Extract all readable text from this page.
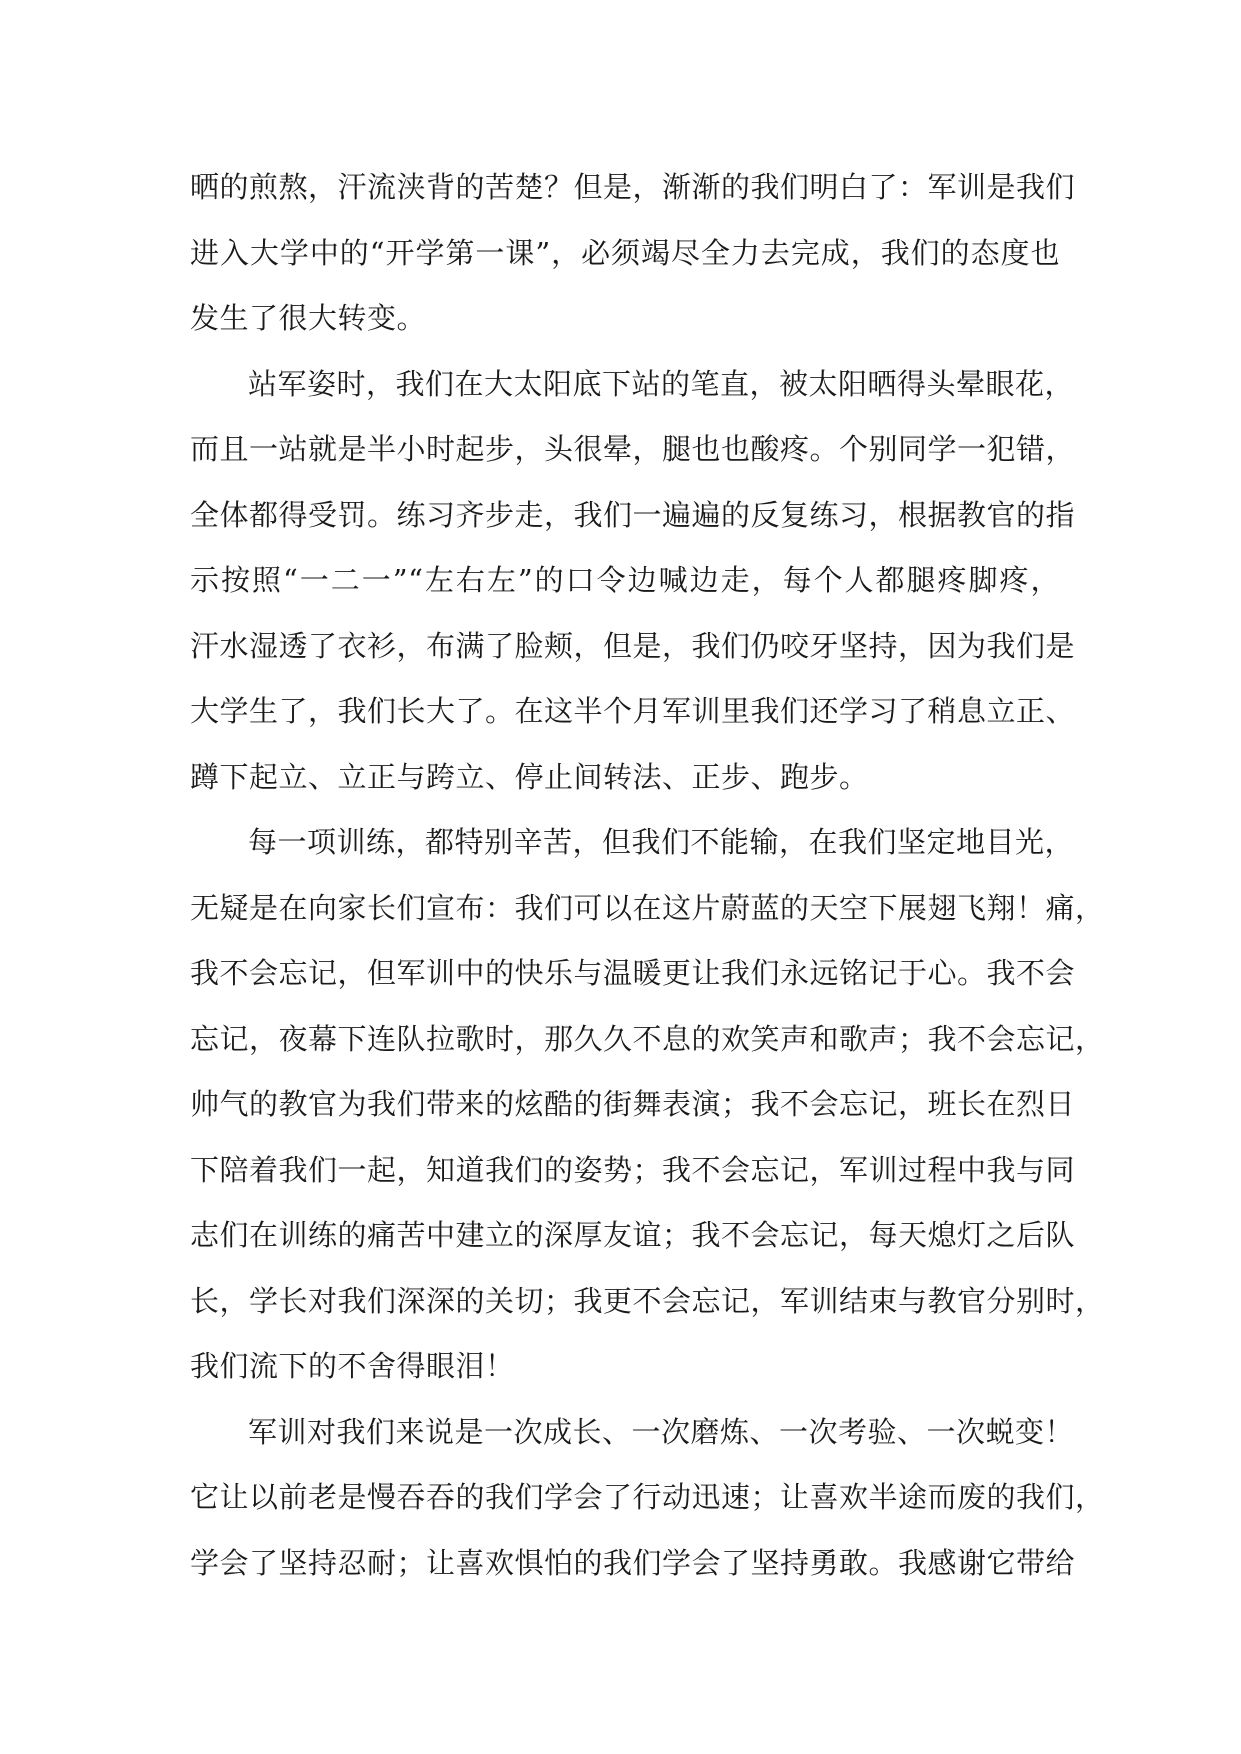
晒的煎熬，汗流浃背的苦楚？但是，渐渐的我们明白了：军训是我们
进入大学中的“开学第一课”，必须竭尽全力去完成，我们的态度也
发生了很大转变。
站军姿时，我们在大太阳底下站的笔直，被太阳晒得头晕眼花，
而且一站就是半小时起步，头很晕，腿也也酸疼。个别同学一犯错，
全体都得受罚。练习齐步走，我们一遍遍的反复练习，根据教官的指
示按照“一二一”“左右左”的口令边喊边走，每个人都腿疼脚疼，
汗水湿透了衣衫，布满了脸颊，但是，我们仍咬牙坚持，因为我们是
大学生了，我们长大了。在这半个月军训里我们还学习了稍息立正、
蹲下起立、立正与跨立、停止间转法、正步、跑步。
每一项训练，都特别辛苦，但我们不能输，在我们坚定地目光，
无疑是在向家长们宣布：我们可以在这片蔚蓝的天空下展翅飞翔！痛，
我不会忘记，但军训中的快乐与温暖更让我们永远铭记于心。我不会
忘记，夜幕下连队拉歌时，那久久不息的欢笑声和歌声；我不会忘记，
帅气的教官为我们带来的炫酷的街舞表演；我不会忘记，班长在烈日
下陪着我们一起，知道我们的姿势；我不会忘记，军训过程中我与同
志们在训练的痛苦中建立的深厚友谊；我不会忘记，每天熄灯之后队
长，学长对我们深深的关切；我更不会忘记，军训结束与教官分别时，
我们流下的不舍得眼泪！
军训对我们来说是一次成长、一次磨炼、一次考验、一次蜕变！
它让以前老是慢吞吞的我们学会了行动迅速；让喜欢半途而废的我们，
学会了坚持忍耐；让喜欢惧怕的我们学会了坚持勇敢。我感谢它带给
